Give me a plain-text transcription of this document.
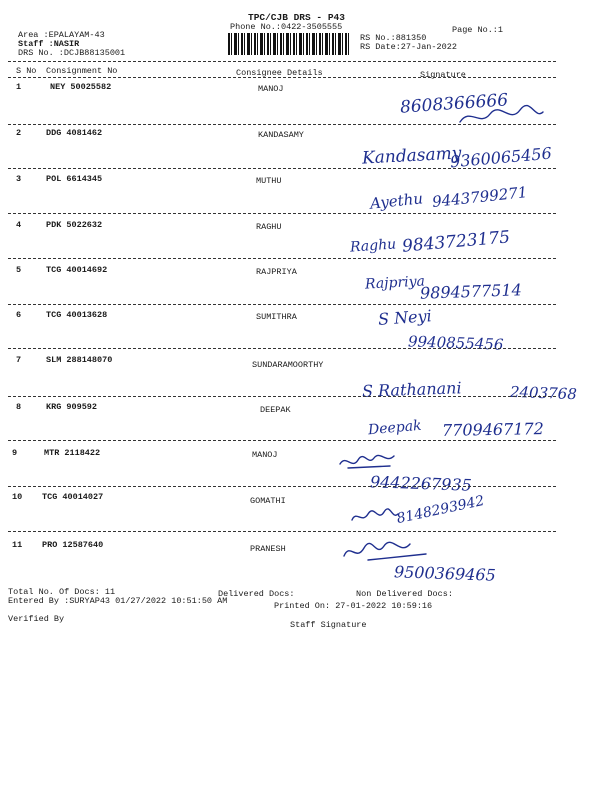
TPC/CJB DRS - P43
Phone No.:0422-3505555
Area :EPALAYAM-43
Staff :NASIR
DRS No. :DCJB88135001
Page No.:1
RS No.:881350
RS Date:27-Jan-2022
S No Consignment No	Consignee Details	Signature
1	NEY 50025582	MANOJ
8608366666
2	DDG 4081462	KANDASAMY
Kandasamy
9360065456
3	POL 6614345	MUTHU
Ayethu 9443799271
4	PDK 5022632	RAGHU
Raghu 9843723175
5	TCG 40014692	RAJPRIYA
Rajpriya
9894577514
6	TCG 40013628	SUMITHRA	S Neyi
9940855456
7	SLM 288148070	SUNDARAMOORTHY
S Rathanani	2403768
8	KRG 909592	DEEPAK
Deepak 7709467172
9	MTR 2118422	MANOJ
9442267935
10 TCG 40014027	GOMATHI	8148293942
11 PRO 12587640	PRANESH
9500369465
Total No. Of Docs: 11	Delivered Docs:	Non Delivered Docs:
Entered By :SURYAP43 01/27/2022 10:51:50 AM	Printed On: 27-01-2022 10:59:16
Verified By
Staff Signature
